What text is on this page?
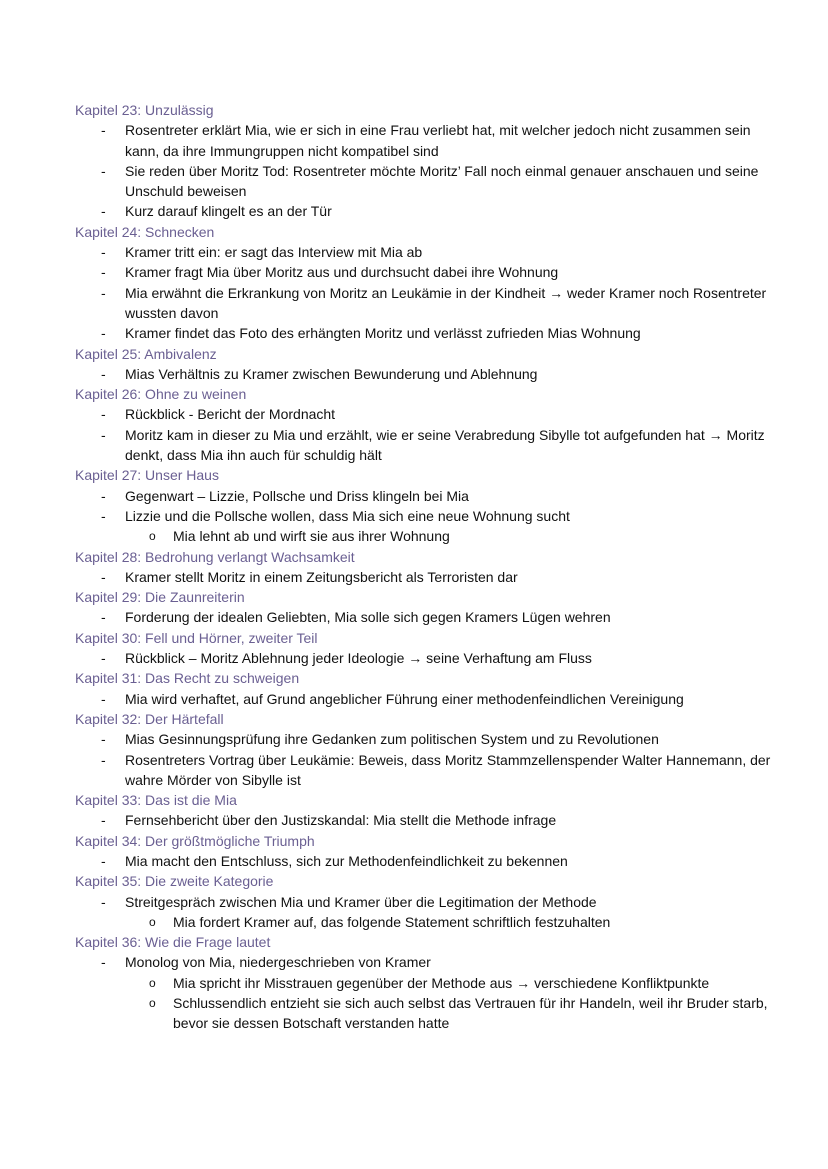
Kapitel 23: Unzulässig
- Rosentreter erklärt Mia, wie er sich in eine Frau verliebt hat, mit welcher jedoch nicht zusammen sein kann, da ihre Immungruppen nicht kompatibel sind
- Sie reden über Moritz Tod: Rosentreter möchte Moritz’ Fall noch einmal genauer anschauen und seine Unschuld beweisen
- Kurz darauf klingelt es an der Tür
Kapitel 24: Schnecken
- Kramer tritt ein: er sagt das Interview mit Mia ab
- Kramer fragt Mia über Moritz aus und durchsucht dabei ihre Wohnung
- Mia erwähnt die Erkrankung von Moritz an Leukämie in der Kindheit → weder Kramer noch Rosentreter wussten davon
- Kramer findet das Foto des erhängten Moritz und verlässt zufrieden Mias Wohnung
Kapitel 25: Ambivalenz
- Mias Verhältnis zu Kramer zwischen Bewunderung und Ablehnung
Kapitel 26: Ohne zu weinen
- Rückblick - Bericht der Mordnacht
- Moritz kam in dieser zu Mia und erzählt, wie er seine Verabredung Sibylle tot aufgefunden hat → Moritz denkt, dass Mia ihn auch für schuldig hält
Kapitel 27: Unser Haus
- Gegenwart – Lizzie, Pollsche und Driss klingeln bei Mia
- Lizzie und die Pollsche wollen, dass Mia sich eine neue Wohnung sucht
o Mia lehnt ab und wirft sie aus ihrer Wohnung
Kapitel 28: Bedrohung verlangt Wachsamkeit
- Kramer stellt Moritz in einem Zeitungsbericht als Terroristen dar
Kapitel 29: Die Zaunreiterin
- Forderung der idealen Geliebten, Mia solle sich gegen Kramers Lügen wehren
Kapitel 30: Fell und Hörner, zweiter Teil
- Rückblick – Moritz Ablehnung jeder Ideologie → seine Verhaftung am Fluss
Kapitel 31: Das Recht zu schweigen
- Mia wird verhaftet, auf Grund angeblicher Führung einer methodenfeindlichen Vereinigung
Kapitel 32: Der Härtefall
- Mias Gesinnungsprüfung ihre Gedanken zum politischen System und zu Revolutionen
- Rosentreters Vortrag über Leukämie: Beweis, dass Moritz Stammzellenspender Walter Hannemann, der wahre Mörder von Sibylle ist
Kapitel 33: Das ist die Mia
- Fernsehbericht über den Justizskandal: Mia stellt die Methode infrage
Kapitel 34: Der größtmögliche Triumph
- Mia macht den Entschluss, sich zur Methodenfeindlichkeit zu bekennen
Kapitel 35: Die zweite Kategorie
- Streitgespräch zwischen Mia und Kramer über die Legitimation der Methode
o Mia fordert Kramer auf, das folgende Statement schriftlich festzuhalten
Kapitel 36: Wie die Frage lautet
- Monolog von Mia, niedergeschrieben von Kramer
o Mia spricht ihr Misstrauen gegenüber der Methode aus → verschiedene Konfliktpunkte
o Schlussendlich entzieht sie sich auch selbst das Vertrauen für ihr Handeln, weil ihr Bruder starb, bevor sie dessen Botschaft verstanden hatte
